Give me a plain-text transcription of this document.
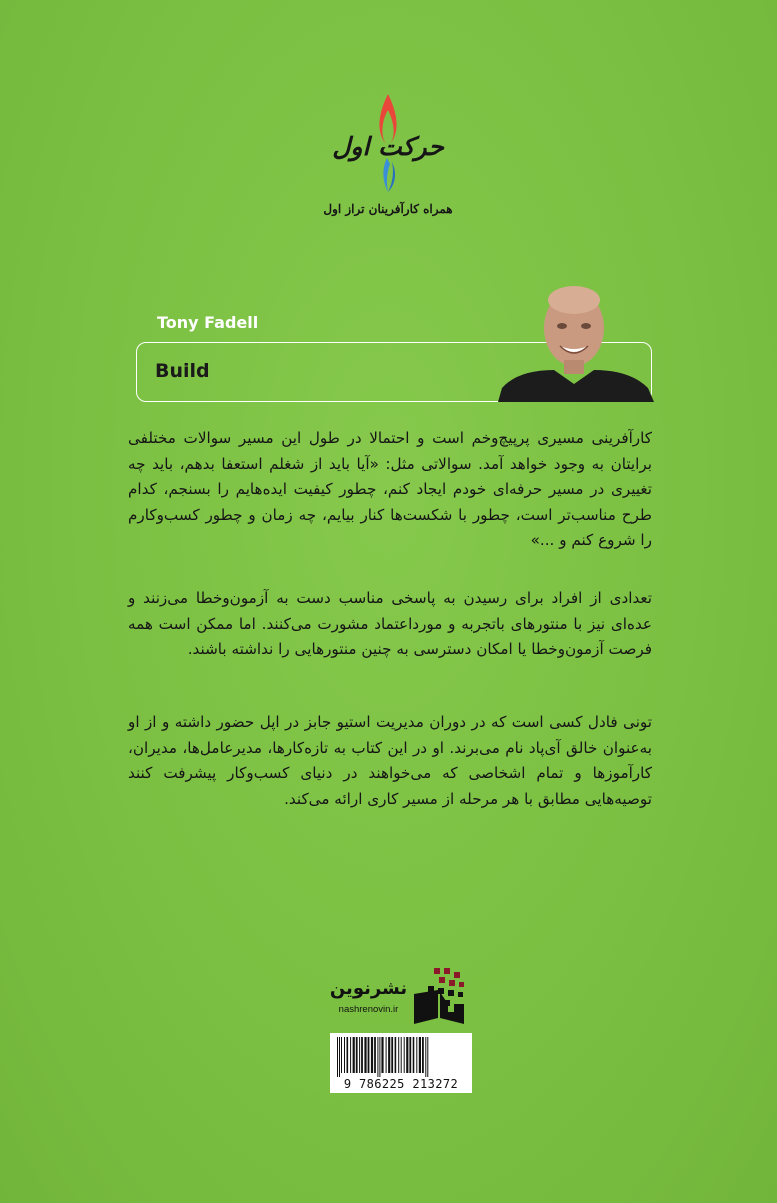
حرکت اول
همراه کارآفرینان تراز اول
Tony Fadell
Build

کارآفرینی مسیری پرپیچ‌وخم است و احتمالا در طول این مسیر سوالات مختلفی برایتان به وجود خواهد آمد. سوالاتی مثل: «آیا باید از شغلم استعفا بدهم، باید چه تغییری در مسیر حرفه‌ای خودم ایجاد کنم، چطور کیفیت ایده‌هایم را بسنجم، کدام طرح مناسب‌تر است، چطور با شکست‌ها کنار بیایم، چه زمان و چطور کسب‌وکارم را شروع کنم و ...»

تعدادی از افراد برای رسیدن به پاسخی مناسب دست به آزمون‌وخطا می‌زنند و عده‌ای نیز با منتورهای باتجربه و مورداعتماد مشورت می‌کنند. اما ممکن است همه فرصت آزمون‌وخطا یا امکان دسترسی به چنین منتورهایی را نداشته باشند.

تونی فادل کسی است که در دوران مدیریت استیو جابز در اپل حضور داشته و از او به‌عنوان خالق آی‌پاد نام می‌برند. او در این کتاب به تازه‌کارها، مدیرعامل‌ها، مدیران، کارآموزها و تمام اشخاصی که می‌خواهند در دنیای کسب‌وکار پیشرفت کنند توصیه‌هایی مطابق با هر مرحله از مسیر کاری ارائه می‌کند.

نشرنوین
nashrenovin.ir
9 786225 213272
